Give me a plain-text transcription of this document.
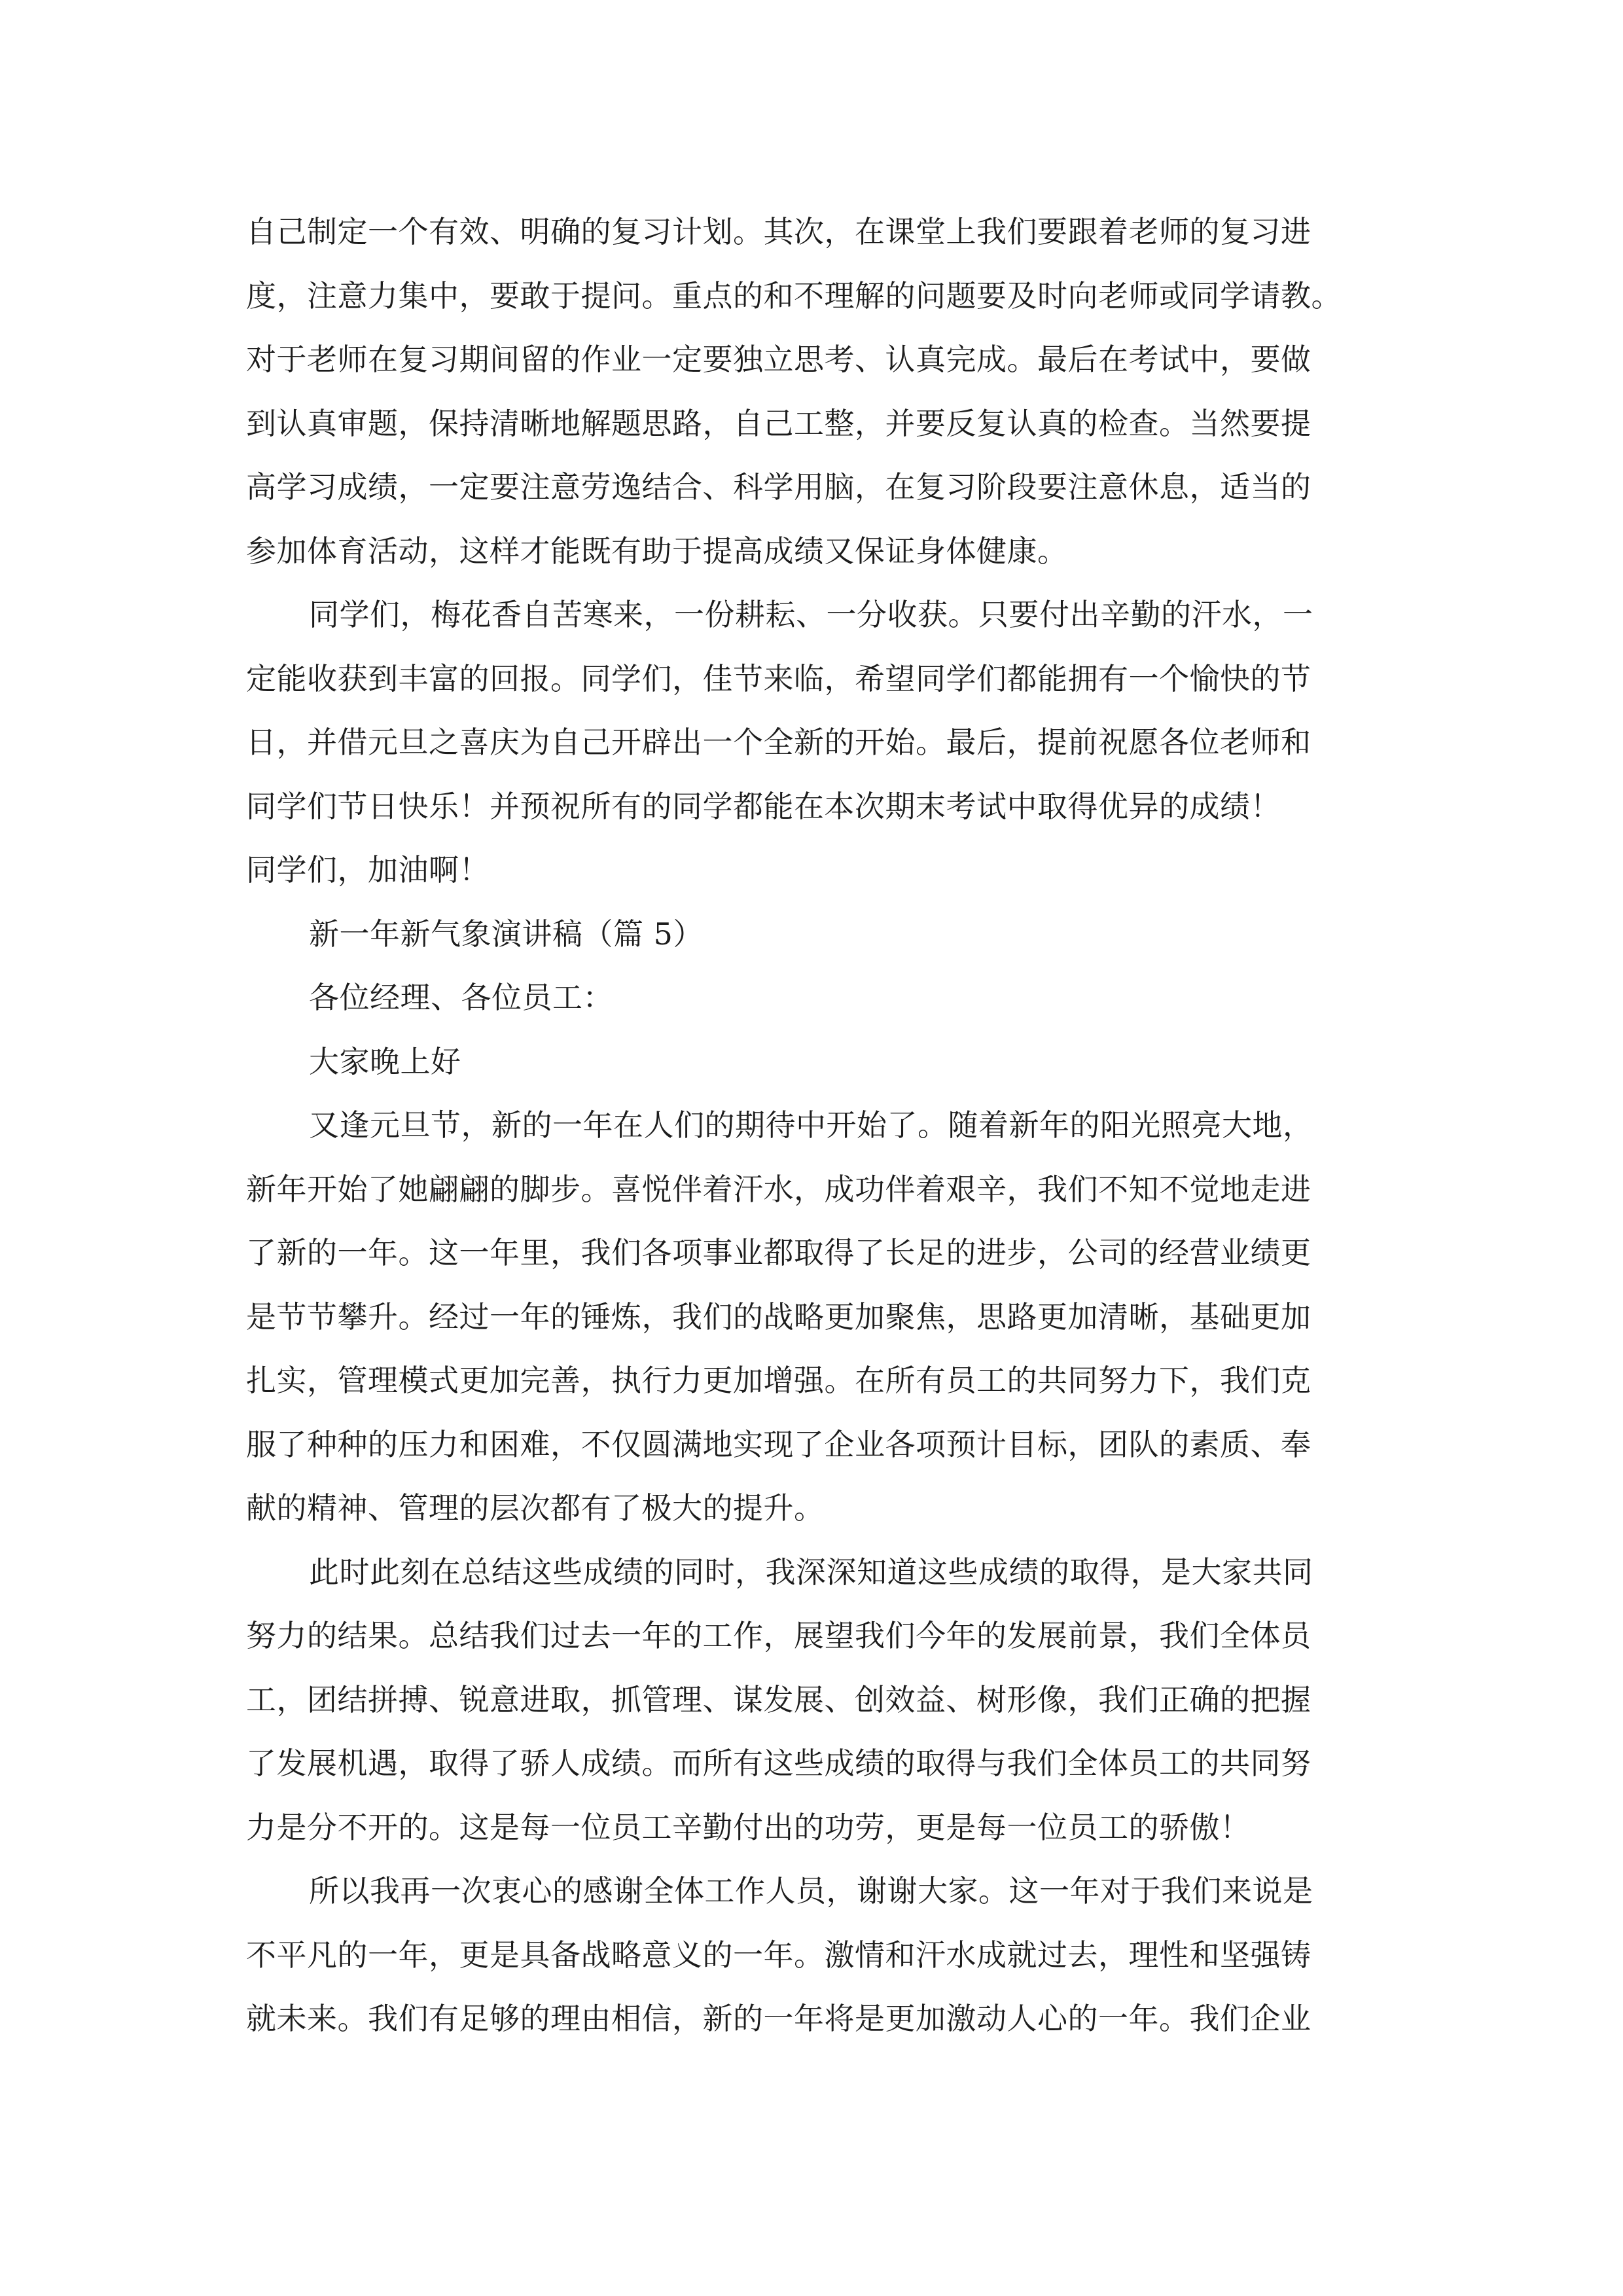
自己制定一个有效、明确的复习计划。其次，在课堂上我们要跟着老师的复习进
度，注意力集中，要敢于提问。重点的和不理解的问题要及时向老师或同学请教。
对于老师在复习期间留的作业一定要独立思考、认真完成。最后在考试中，要做
到认真审题，保持清晰地解题思路，自己工整，并要反复认真的检查。当然要提
高学习成绩，一定要注意劳逸结合、科学用脑，在复习阶段要注意休息，适当的
参加体育活动，这样才能既有助于提高成绩又保证身体健康。
同学们，梅花香自苦寒来，一份耕耘、一分收获。只要付出辛勤的汗水，一
定能收获到丰富的回报。同学们，佳节来临，希望同学们都能拥有一个愉快的节
日，并借元旦之喜庆为自己开辟出一个全新的开始。最后，提前祝愿各位老师和
同学们节日快乐！并预祝所有的同学都能在本次期末考试中取得优异的成绩！
同学们，加油啊！
新一年新气象演讲稿（篇 5）
各位经理、各位员工：
大家晚上好
又逢元旦节，新的一年在人们的期待中开始了。随着新年的阳光照亮大地，
新年开始了她翩翩的脚步。喜悦伴着汗水，成功伴着艰辛，我们不知不觉地走进
了新的一年。这一年里，我们各项事业都取得了长足的进步，公司的经营业绩更
是节节攀升。经过一年的锤炼，我们的战略更加聚焦，思路更加清晰，基础更加
扎实，管理模式更加完善，执行力更加增强。在所有员工的共同努力下，我们克
服了种种的压力和困难，不仅圆满地实现了企业各项预计目标，团队的素质、奉
献的精神、管理的层次都有了极大的提升。
此时此刻在总结这些成绩的同时，我深深知道这些成绩的取得，是大家共同
努力的结果。总结我们过去一年的工作，展望我们今年的发展前景，我们全体员
工，团结拼搏、锐意进取，抓管理、谋发展、创效益、树形像，我们正确的把握
了发展机遇，取得了骄人成绩。而所有这些成绩的取得与我们全体员工的共同努
力是分不开的。这是每一位员工辛勤付出的功劳，更是每一位员工的骄傲！
所以我再一次衷心的感谢全体工作人员，谢谢大家。这一年对于我们来说是
不平凡的一年，更是具备战略意义的一年。激情和汗水成就过去，理性和坚强铸
就未来。我们有足够的理由相信，新的一年将是更加激动人心的一年。我们企业
